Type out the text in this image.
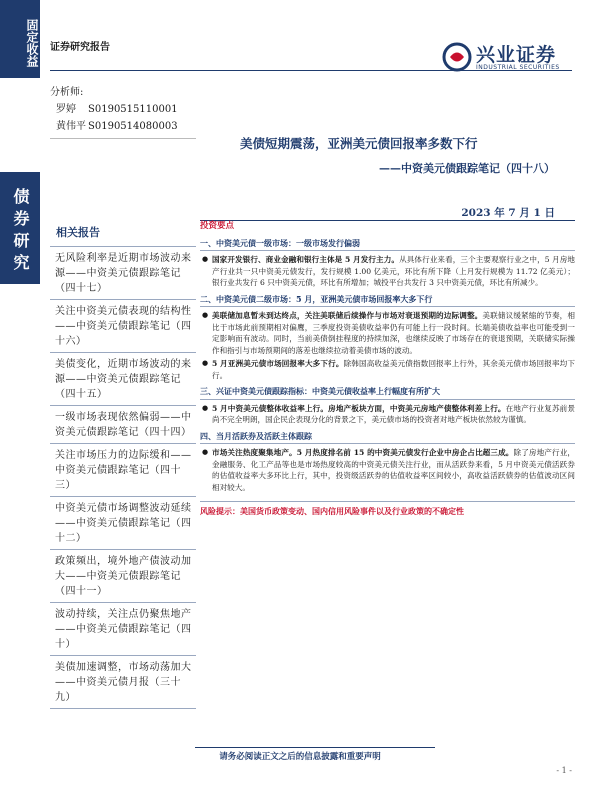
固定收益
债券研究
证券研究报告	兴业证券
INDUSTRIAL SECURITIES
分析师:
罗婷	S0190515110001
黄伟平 S0190514080003
美债短期震荡，亚洲美元债回报率多数下行
——中资美元债跟踪笔记（四十八）
2023 年 7 月 1 日
相关报告
无风险利率是近期市场波动来源——中资美元债跟踪笔记（四十七）
关注中资美元债表现的结构性——中资美元债跟踪笔记（四十六）
美债变化，近期市场波动的来源——中资美元债跟踪笔记（四十五）
一级市场表现依然偏弱——中资美元债跟踪笔记（四十四）
关注市场压力的边际缓和——中资美元债跟踪笔记（四十三）
中资美元债市场调整波动延续——中资美元债跟踪笔记（四十二）
政策频出，境外地产债波动加大——中资美元债跟踪笔记（四十一）
波动持续，关注点仍聚焦地产——中资美元债跟踪笔记（四十）
美债加速调整，市场动荡加大——中资美元债月报（三十九）
投资要点
一、中资美元债一级市场：一级市场发行偏弱
● 国家开发银行、商业金融和银行主体是 5 月发行主力。从具体行业来看，三个主要观察行业之中，5 月房地产行业共一只中资美元债发行，发行规模 1.00 亿美元，环比有所下降（上月发行规模为 11.72 亿美元）；银行业共发行 6 只中资美元债，环比有所增加；城投平台共发行 3 只中资美元债，环比有所减少。
二、中资美元债二级市场：5 月，亚洲美元债市场回报率大多下行
● 美联储加息暂未到达终点，关注美联储后续操作与市场对衰退预期的边际调整。美联储议缓紧缩的节奏，相比于市场此前预期相对偏鹰，三季度投资美债收益率仍有可能上行一段时间。长端美债收益率也可能受到一定影响而有波动。同时，当前美债倒挂程度的持续加深，也继续反映了市场存在的衰退预期，关联储实际操作和指引与市场预期间的落差也继续拉动着美债市场的波动。
● 5 月亚洲美元债市场回报率大多下行。除韩国高收益美元债指数回报率上行外，其余美元债市场回报率均下行。
三、兴证中资美元债跟踪指标：中资美元债收益率上行幅度有所扩大
● 5 月中资美元债整体收益率上行。房地产板块方面，中资美元房地产债整体利差上行。在地产行业复苏前景尚不完全明朗，国企民企表现分化的背景之下，美元债市场的投资者对地产板块依然较为谨慎。
四、当月活跃券及活跃主体跟踪
● 市场关注热度聚集地产。5 月热度排名前 15 的中资美元债发行企业中房企占比超三成。除了房地产行业，金融服务、化工产品等也是市场热度较高的中资美元债关注行业，而从活跃券来看，5 月中资美元债活跃券的估值收益率大多环比上行，其中，投资级活跃券的估值收益率区间较小，高收益活跃债券的估值波动区间相对较大。
风险提示：美国货币政策变动、国内信用风险事件以及行业政策的不确定性
请务必阅读正文之后的信息披露和重要声明
- 1 -
